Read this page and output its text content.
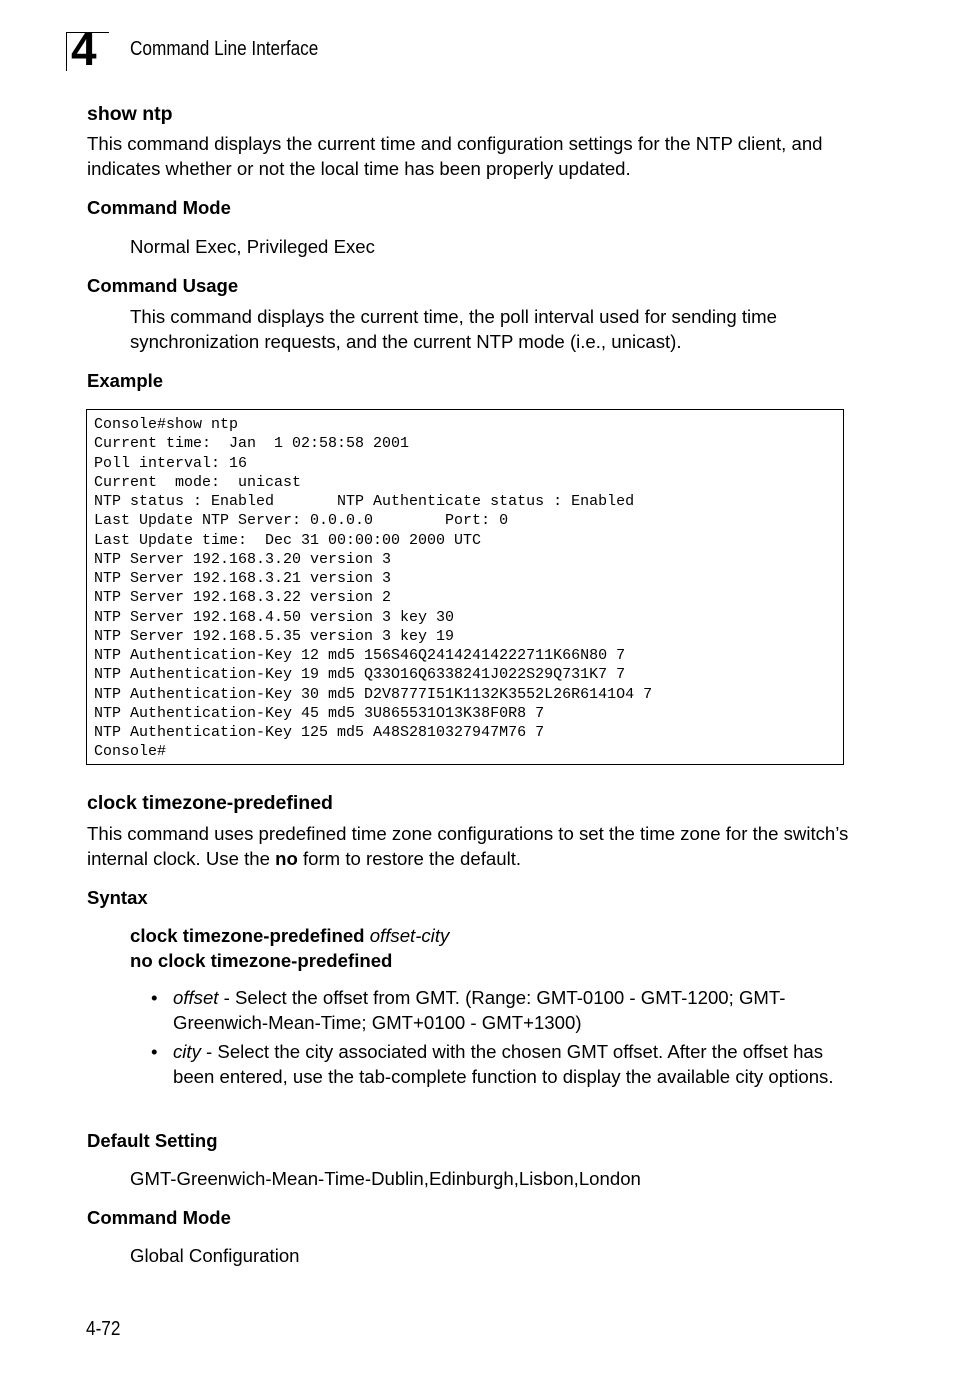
4 Command Line Interface
show ntp
This command displays the current time and configuration settings for the NTP client, and indicates whether or not the local time has been properly updated.
Command Mode
Normal Exec, Privileged Exec
Command Usage
This command displays the current time, the poll interval used for sending time synchronization requests, and the current NTP mode (i.e., unicast).
Example
Console#show ntp
Current time:  Jan  1 02:58:58 2001
Poll interval: 16
Current  mode:  unicast
NTP status : Enabled       NTP Authenticate status : Enabled
Last Update NTP Server: 0.0.0.0        Port: 0
Last Update time:  Dec 31 00:00:00 2000 UTC
NTP Server 192.168.3.20 version 3
NTP Server 192.168.3.21 version 3
NTP Server 192.168.3.22 version 2
NTP Server 192.168.4.50 version 3 key 30
NTP Server 192.168.5.35 version 3 key 19
NTP Authentication-Key 12 md5 156S46Q24142414222711K66N80 7
NTP Authentication-Key 19 md5 Q33O16Q6338241J022S29Q731K7 7
NTP Authentication-Key 30 md5 D2V8777I51K1132K3552L26R6141O4 7
NTP Authentication-Key 45 md5 3U865531O13K38F0R8 7
NTP Authentication-Key 125 md5 A48S2810327947M76 7
Console#
clock timezone-predefined
This command uses predefined time zone configurations to set the time zone for the switch’s internal clock. Use the no form to restore the default.
Syntax
clock timezone-predefined offset-city
no clock timezone-predefined
• offset - Select the offset from GMT. (Range: GMT-0100 - GMT-1200; GMT-Greenwich-Mean-Time; GMT+0100 - GMT+1300)
• city - Select the city associated with the chosen GMT offset. After the offset has been entered, use the tab-complete function to display the available city options.
Default Setting
GMT-Greenwich-Mean-Time-Dublin,Edinburgh,Lisbon,London
Command Mode
Global Configuration
4-72
